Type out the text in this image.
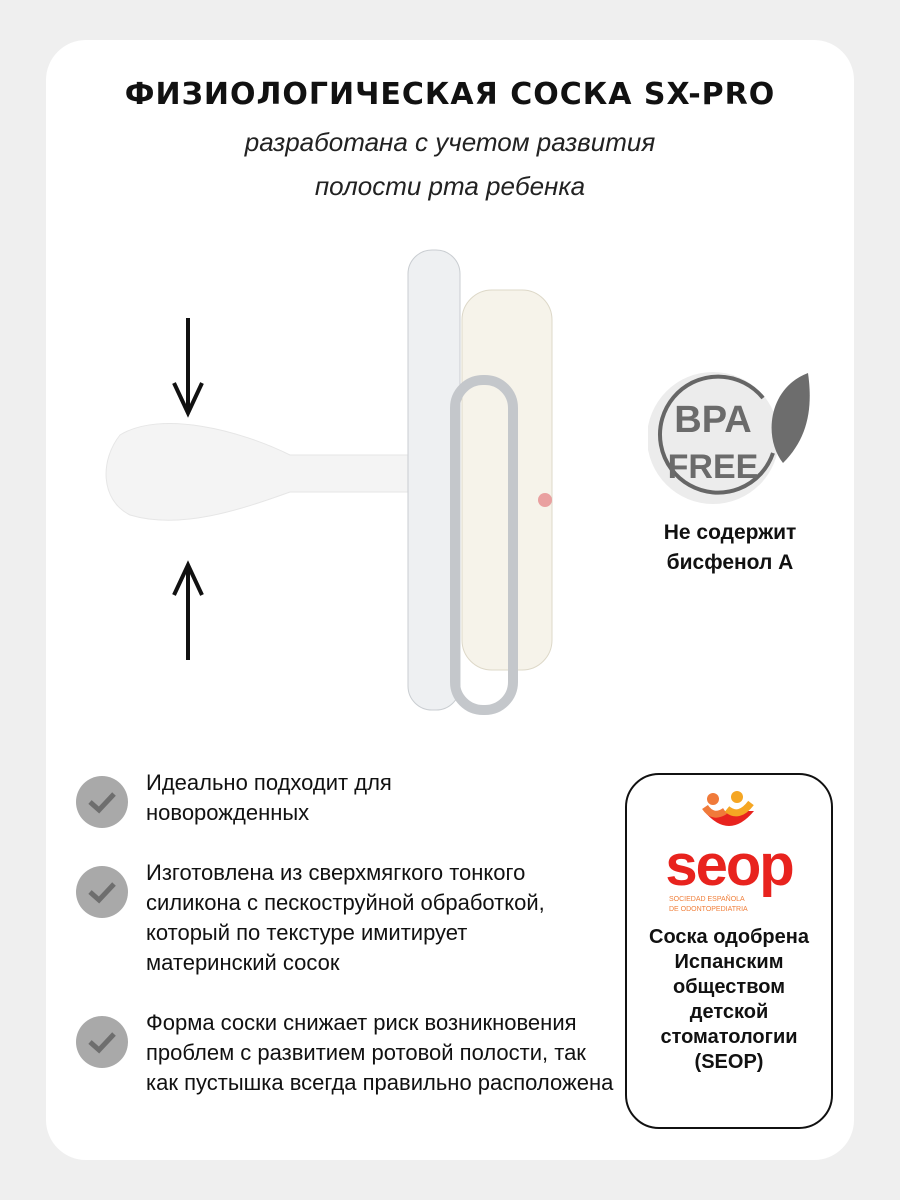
ФИЗИОЛОГИЧЕСКАЯ СОСКА SX-PRO
разработана с учетом развития
полости рта ребенка
BPA
FREE
Не содержит
бисфенол А
Идеально подходит для новорожденных
Изготовлена из сверхмягкого тонкого силикона с пескоструйной обработкой, который по текстуре имитирует материнский сосок
Форма соски снижает риск возникновения проблем с развитием ротовой полости, так как пустышка всегда правильно расположена
seop
SOCIEDAD ESPAÑOLA
DE ODONTOPEDIATRIA
Соска одобрена Испанским обществом детской стоматологии (SEOP)
